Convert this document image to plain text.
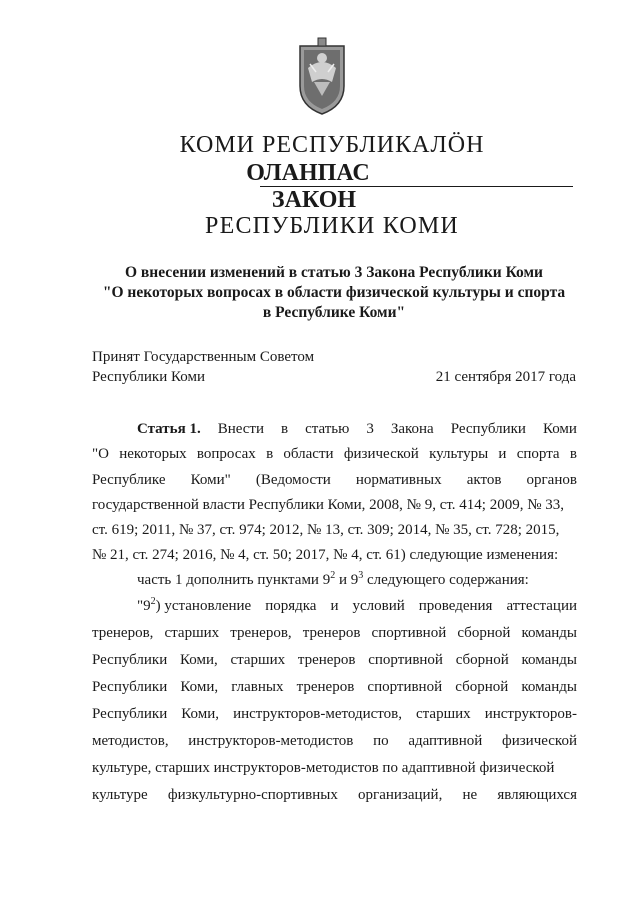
КОМИ РЕСПУБЛИКАЛӦН
ОЛАНПАС
ЗАКОН
РЕСПУБЛИКИ КОМИ
О внесении изменений в статью 3 Закона Республики Коми
"О некоторых вопросах в области физической культуры и спорта
в Республике Коми"
Принят Государственным Советом
Республики Коми	21 сентября 2017 года
Статья 1. Внести в статью 3 Закона Республики Коми
"О некоторых вопросах в области физической культуры и спорта в
Республике Коми" (Ведомости нормативных актов органов
государственной власти Республики Коми, 2008, № 9, ст. 414; 2009, № 33,
ст. 619; 2011, № 37, ст. 974; 2012, № 13, ст. 309; 2014, № 35, ст. 728; 2015,
№ 21, ст. 274; 2016, № 4, ст. 50; 2017, № 4, ст. 61) следующие изменения:
часть 1 дополнить пунктами $9^2$ и $9^3$ следующего содержания:
"$9^2$) установление порядка и условий проведения аттестации
тренеров, старших тренеров, тренеров спортивной сборной команды
Республики Коми, старших тренеров спортивной сборной команды
Республики Коми, главных тренеров спортивной сборной команды
Республики Коми, инструкторов-методистов, старших инструкторов-
методистов, инструкторов-методистов по адаптивной физической
культуре, старших инструкторов-методистов по адаптивной физической
культуре физкультурно-спортивных организаций, не являющихся
